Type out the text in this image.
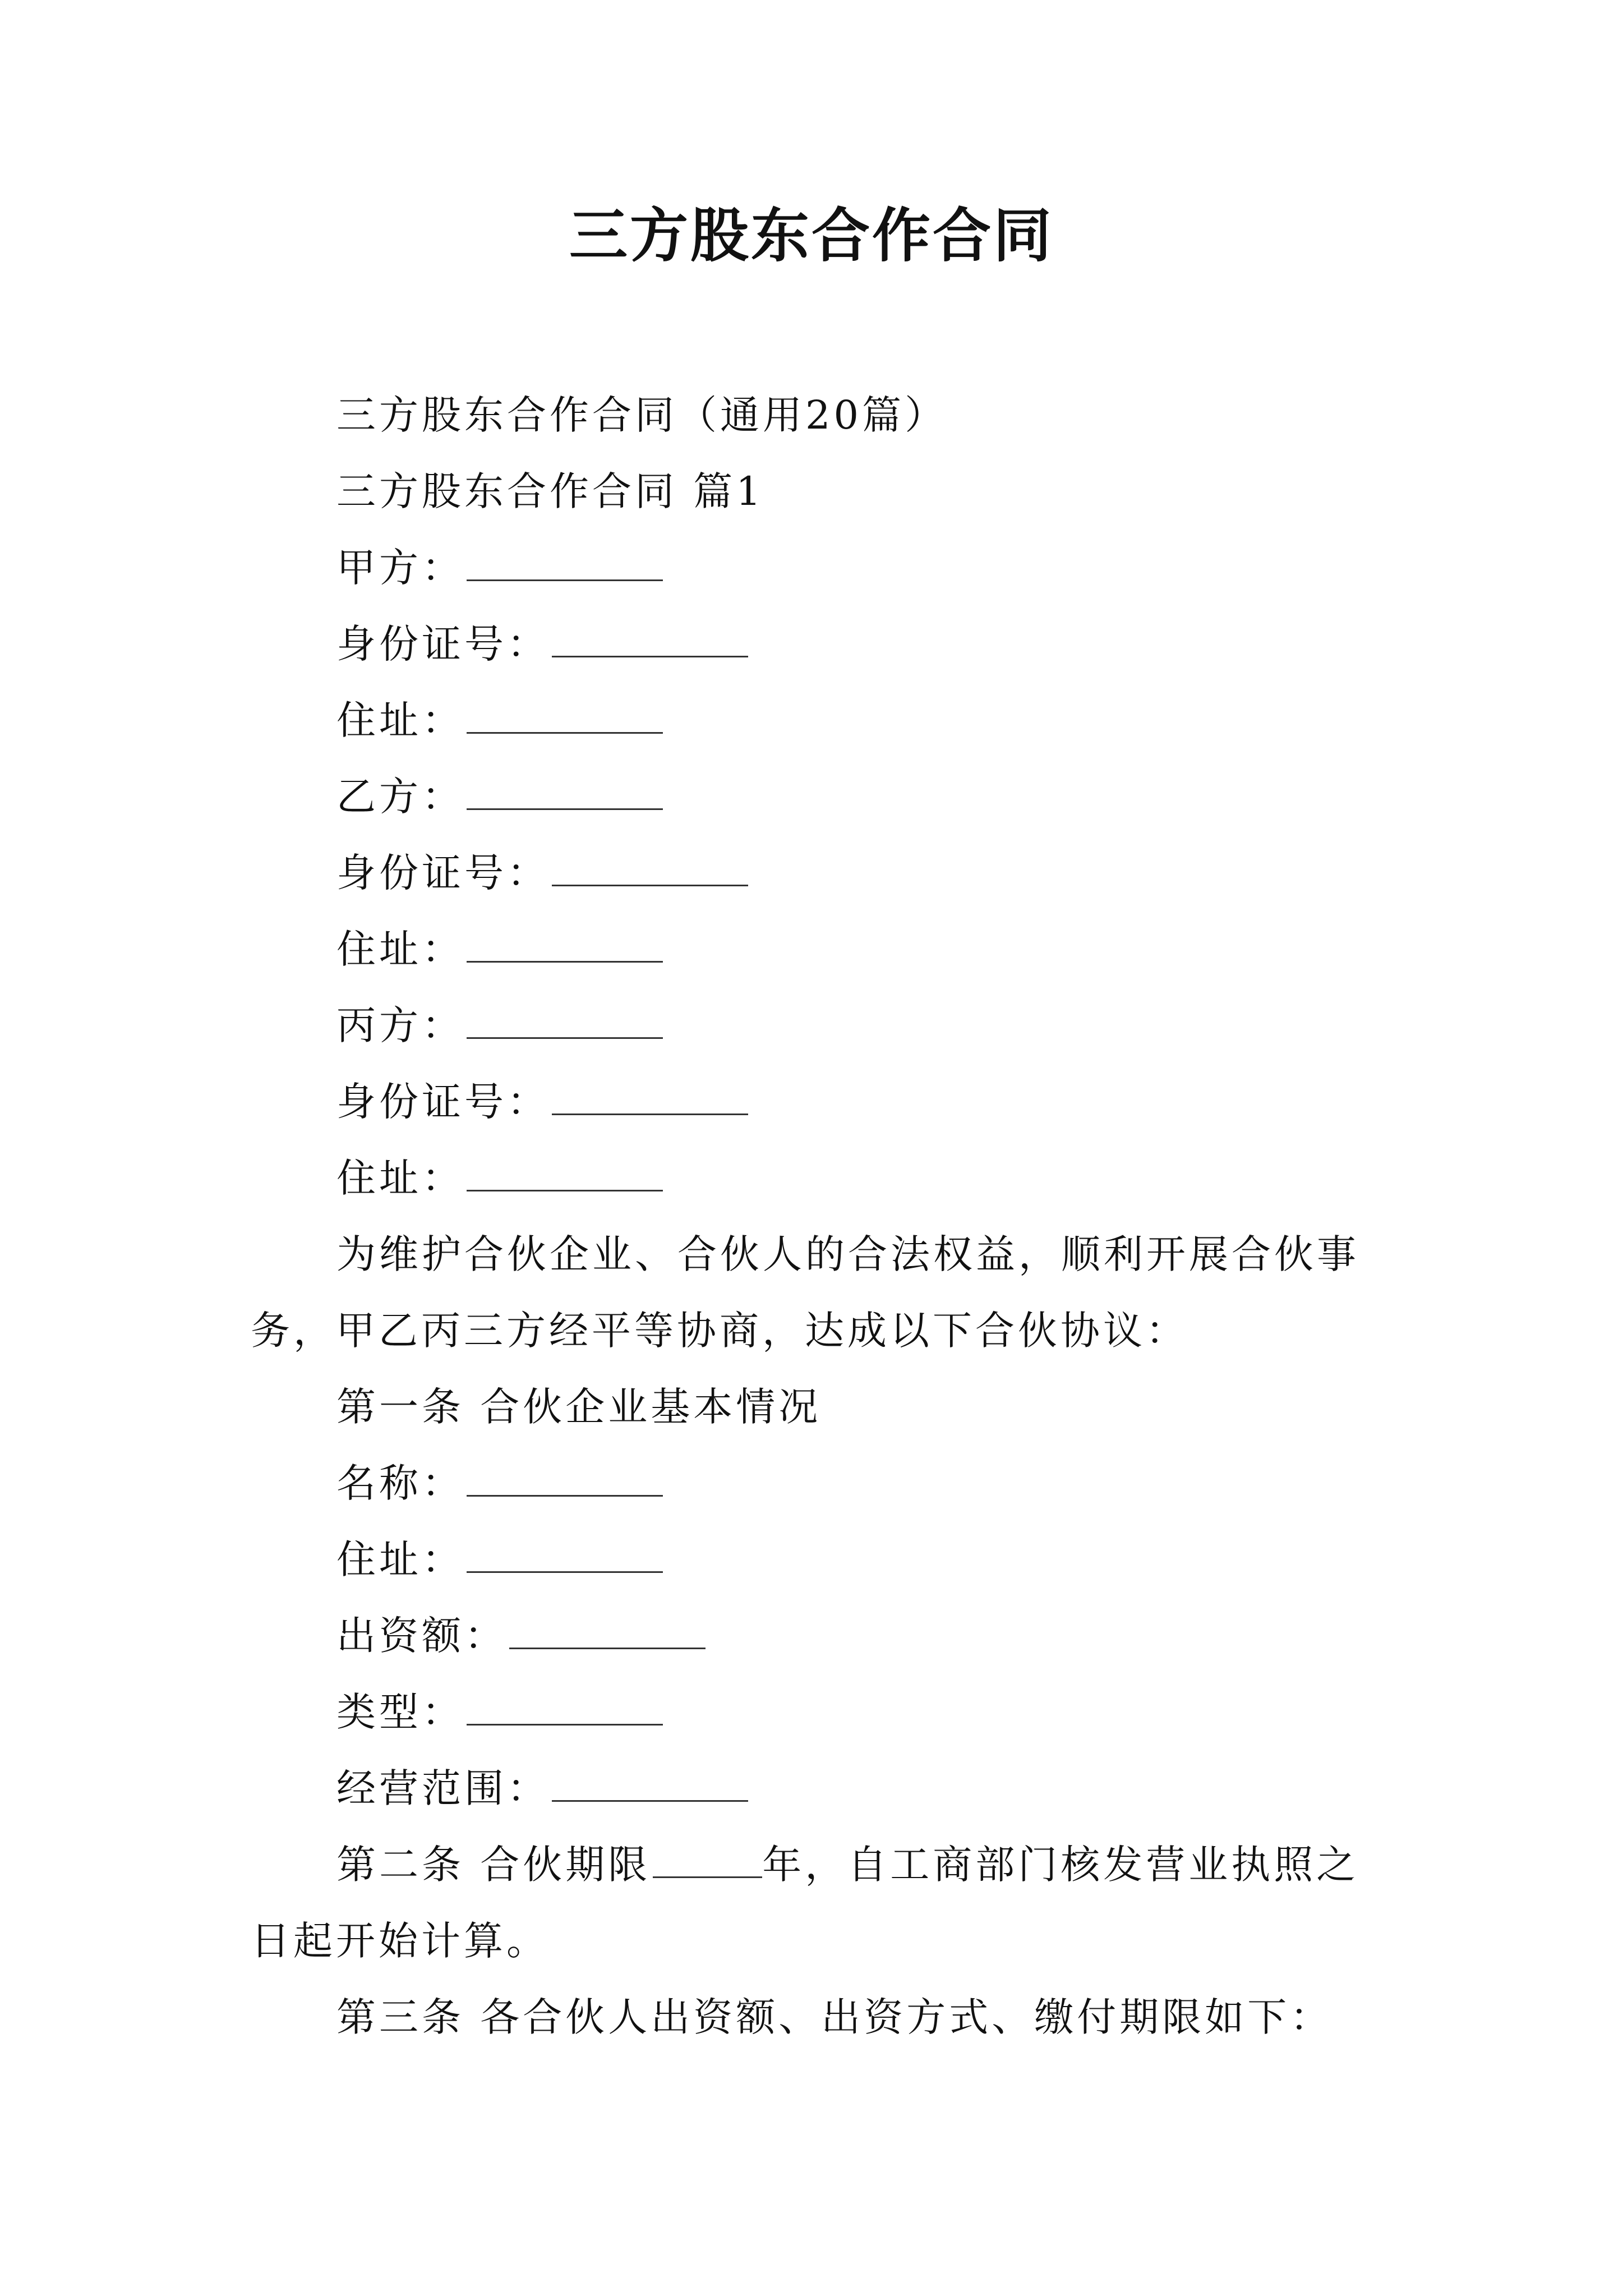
三方股东合作合同
三方股东合作合同（通用20篇）
三方股东合作合同 篇1
甲方：
身份证号：
住址：
乙方：
身份证号：
住址：
丙方：
身份证号：
住址：
为维护合伙企业、合伙人的合法权益，顺利开展合伙事
务，甲乙丙三方经平等协商，达成以下合伙协议：
第一条 合伙企业基本情况
名称：
住址：
出资额：
类型：
经营范围：
第二条 合伙期限	年，自工商部门核发营业执照之
日起开始计算。
第三条 各合伙人出资额、出资方式、缴付期限如下：
